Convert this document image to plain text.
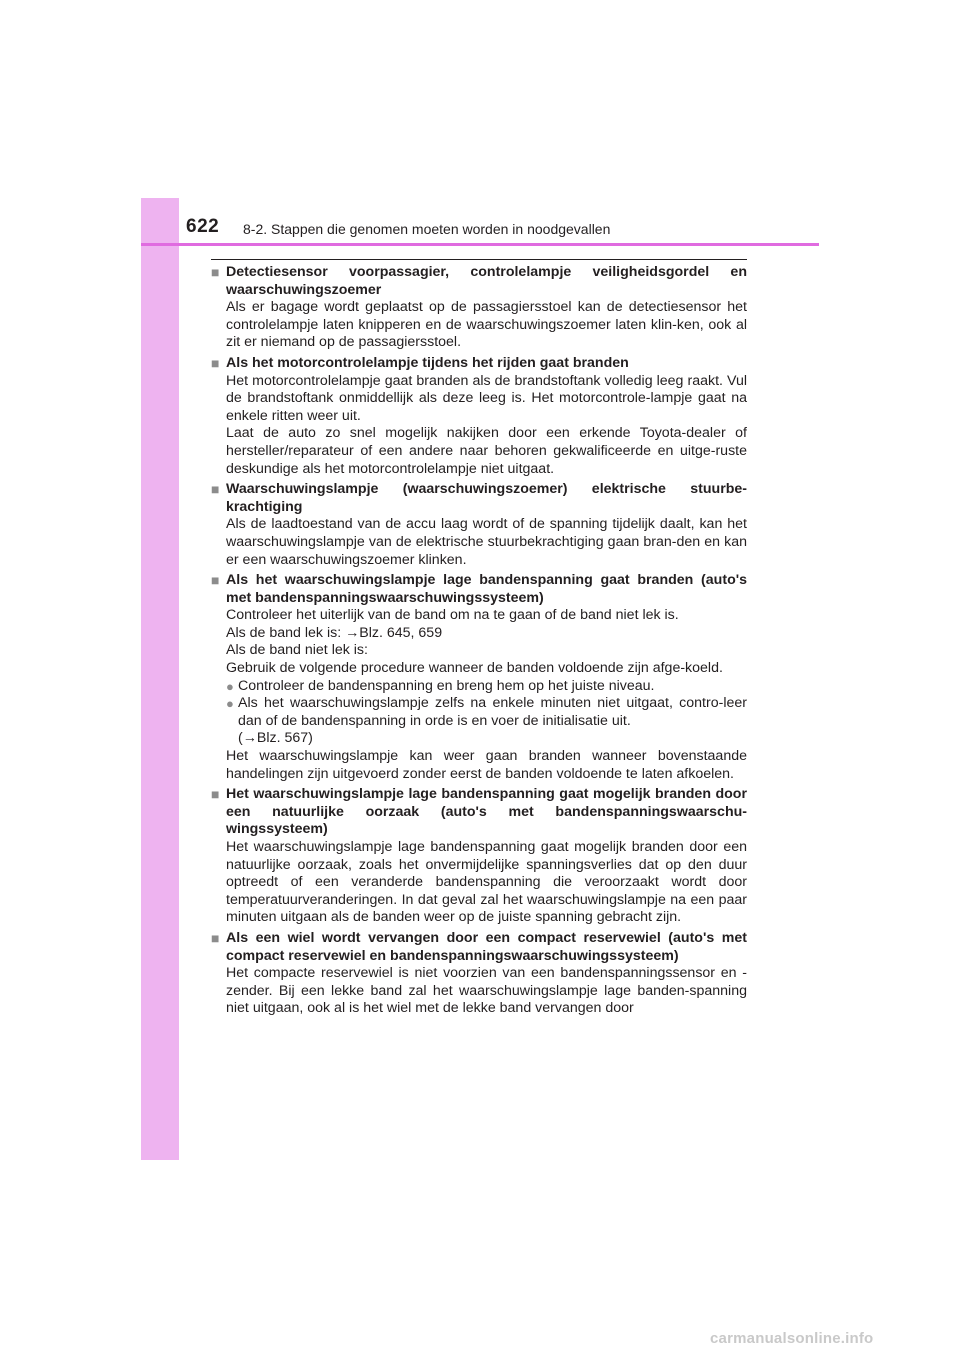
622 8-2. Stappen die genomen moeten worden in noodgevallen
■ Detectiesensor voorpassagier, controlelampje veiligheidsgordel en waarschuwingszoemer
Als er bagage wordt geplaatst op de passagiersstoel kan de detectiesensor het controlelampje laten knipperen en de waarschuwingszoemer laten klin-ken, ook al zit er niemand op de passagiersstoel.
■ Als het motorcontrolelampje tijdens het rijden gaat branden
Het motorcontrolelampje gaat branden als de brandstoftank volledig leeg raakt. Vul de brandstoftank onmiddellijk als deze leeg is. Het motorcontrole-lampje gaat na enkele ritten weer uit.
Laat de auto zo snel mogelijk nakijken door een erkende Toyota-dealer of hersteller/reparateur of een andere naar behoren gekwalificeerde en uitge-ruste deskundige als het motorcontrolelampje niet uitgaat.
■ Waarschuwingslampje (waarschuwingszoemer) elektrische stuurbe-krachtiging
Als de laadtoestand van de accu laag wordt of de spanning tijdelijk daalt, kan het waarschuwingslampje van de elektrische stuurbekrachtiging gaan bran-den en kan er een waarschuwingszoemer klinken.
■ Als het waarschuwingslampje lage bandenspanning gaat branden (auto's met bandenspanningswaarschuwingssysteem)
Controleer het uiterlijk van de band om na te gaan of de band niet lek is.
Als de band lek is: →Blz. 645, 659
Als de band niet lek is:
Gebruik de volgende procedure wanneer de banden voldoende zijn afge-koeld.
● Controleer de bandenspanning en breng hem op het juiste niveau.
● Als het waarschuwingslampje zelfs na enkele minuten niet uitgaat, contro-leer dan of de bandenspanning in orde is en voer de initialisatie uit.
(→Blz. 567)
Het waarschuwingslampje kan weer gaan branden wanneer bovenstaande handelingen zijn uitgevoerd zonder eerst de banden voldoende te laten afkoelen.
■ Het waarschuwingslampje lage bandenspanning gaat mogelijk branden door een natuurlijke oorzaak (auto's met bandenspanningswaarschu-wingssysteem)
Het waarschuwingslampje lage bandenspanning gaat mogelijk branden door een natuurlijke oorzaak, zoals het onvermijdelijke spanningsverlies dat op den duur optreedt of een veranderde bandenspanning die veroorzaakt wordt door temperatuurveranderingen. In dat geval zal het waarschuwingslampje na een paar minuten uitgaan als de banden weer op de juiste spanning gebracht zijn.
■ Als een wiel wordt vervangen door een compact reservewiel (auto's met compact reservewiel en bandenspanningswaarschuwingssysteem)
Het compacte reservewiel is niet voorzien van een bandenspanningssensor en -zender. Bij een lekke band zal het waarschuwingslampje lage banden-spanning niet uitgaan, ook al is het wiel met de lekke band vervangen door
carmanualsonline.info
